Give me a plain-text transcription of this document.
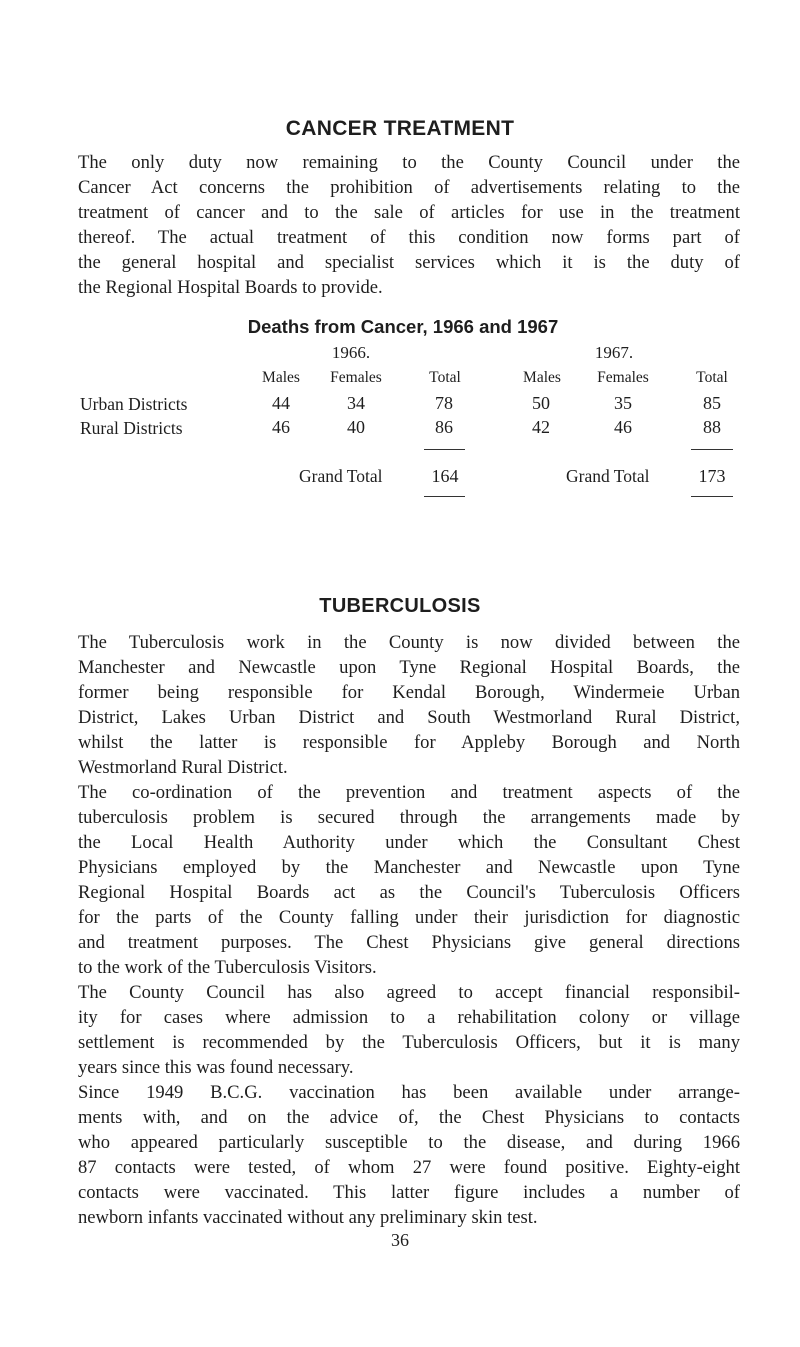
CANCER TREATMENT
The only duty now remaining to the County Council under the
Cancer Act concerns the prohibition of advertisements relating to the
treatment of cancer and to the sale of articles for use in the treatment
thereof. The actual treatment of this condition now forms part of
the general hospital and specialist services which it is the duty of
the Regional Hospital Boards to provide.
Deaths from Cancer, 1966 and 1967
1966.	1967.
Males Females	Total	Males Females	Total
Urban Districts	44	34	78	50	35	85
Rural Districts	46	40	86	42	46	88
Grand Total	164	Grand Total	173
TUBERCULOSIS
The Tuberculosis work in the County is now divided between the
Manchester and Newcastle upon Tyne Regional Hospital Boards, the
former being responsible for Kendal Borough, Windermeie Urban
District, Lakes Urban District and South Westmorland Rural District,
whilst the latter is responsible for Appleby Borough and North
Westmorland Rural District.
The co-ordination of the prevention and treatment aspects of the
tuberculosis problem is secured through the arrangements made by
the Local Health Authority under which the Consultant Chest
Physicians employed by the Manchester and Newcastle upon Tyne
Regional Hospital Boards act as the Council's Tuberculosis Officers
for the parts of the County falling under their jurisdiction for diagnostic
and treatment purposes. The Chest Physicians give general directions
to the work of the Tuberculosis Visitors.
The County Council has also agreed to accept financial responsibil-
ity for cases where admission to a rehabilitation colony or village
settlement is recommended by the Tuberculosis Officers, but it is many
years since this was found necessary.
Since 1949 B.C.G. vaccination has been available under arrange-
ments with, and on the advice of, the Chest Physicians to contacts
who appeared particularly susceptible to the disease, and during 1966
87 contacts were tested, of whom 27 were found positive. Eighty-eight
contacts were vaccinated. This latter figure includes a number of
newborn infants vaccinated without any preliminary skin test.
36
